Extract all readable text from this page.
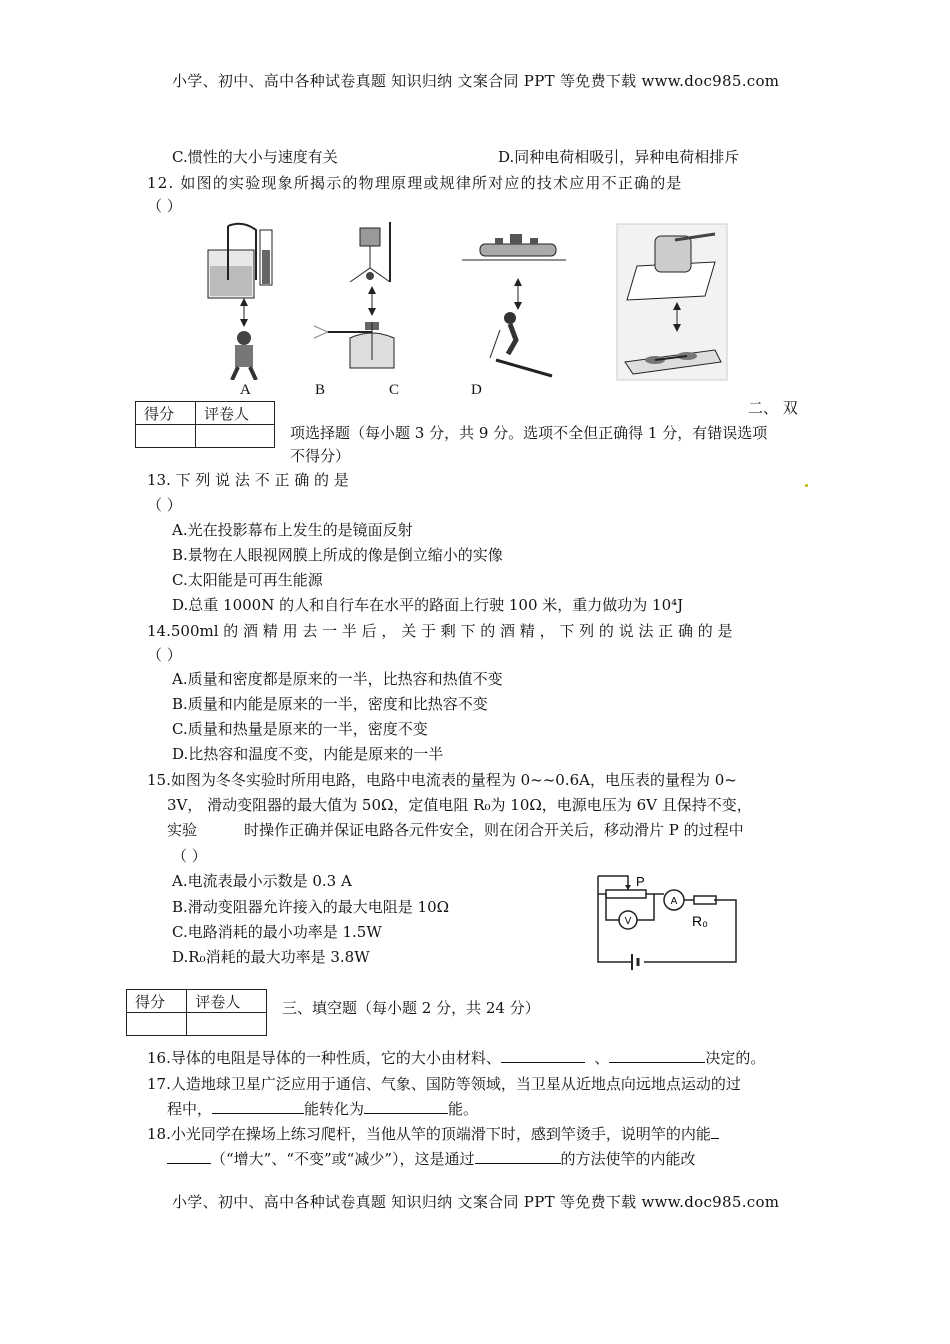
小学、初中、高中各种试卷真题 知识归纳 文案合同 PPT 等免费下载 www.doc985.com
C.惯性的大小与速度有关	D.同种电荷相吸引，异种电荷相排斥
12. 如图的实验现象所揭示的物理原理或规律所对应的技术应用不正确的是
（ ）
A	B	C	D
得分	评卷人
		二、 双
项选择题（每小题 3 分，共 9 分。选项不全但正确得 1 分，有错误选项
不得分）
13. 下 列 说 法 不 正 确 的 是
（ ）
A.光在投影幕布上发生的是镜面反射
B.景物在人眼视网膜上所成的像是倒立缩小的实像
C.太阳能是可再生能源
D.总重 1000N 的人和自行车在水平的路面上行驶 100 米，重力做功为 10⁴J
14.500ml 的 酒 精 用 去 一 半 后 ， 关 于 剩 下 的 酒 精 ， 下 列 的 说 法 正 确 的 是
（ ）
A.质量和密度都是原来的一半，比热容和热值不变
B.质量和内能是原来的一半，密度和比热容不变
C.质量和热量是原来的一半，密度不变
D.比热容和温度不变，内能是原来的一半
15.如图为冬冬实验时所用电路，电路中电流表的量程为 0~~0.6A，电压表的量程为 0~
3V， 滑动变阻器的最大值为 50Ω，定值电阻 R₀为 10Ω，电源电压为 6V 且保持不变，
实验	时操作正确并保证电路各元件安全，则在闭合开关后，移动滑片 P 的过程中
（ ）
A.电流表最小示数是 0.3 A
B.滑动变阻器允许接入的最大电阻是 10Ω
C.电路消耗的最小功率是 1.5W
D.R₀消耗的最大功率是 3.8W
A
V
P
R₀
得分	评卷人
		三、填空题（每小题 2 分，共 24 分）
16.导体的电阻是导体的一种性质，它的大小由材料、	、	决定的。
17.人造地球卫星广泛应用于通信、气象、国防等领域，当卫星从近地点向远地点运动的过
程中，	能转化为	能。
18.小光同学在操场上练习爬杆，当他从竿的顶端滑下时，感到竿烫手，说明竿的内能
（“增大”、“不变”或“减少”），这是通过	的方法使竿的内能改
小学、初中、高中各种试卷真题 知识归纳 文案合同 PPT 等免费下载 www.doc985.com
